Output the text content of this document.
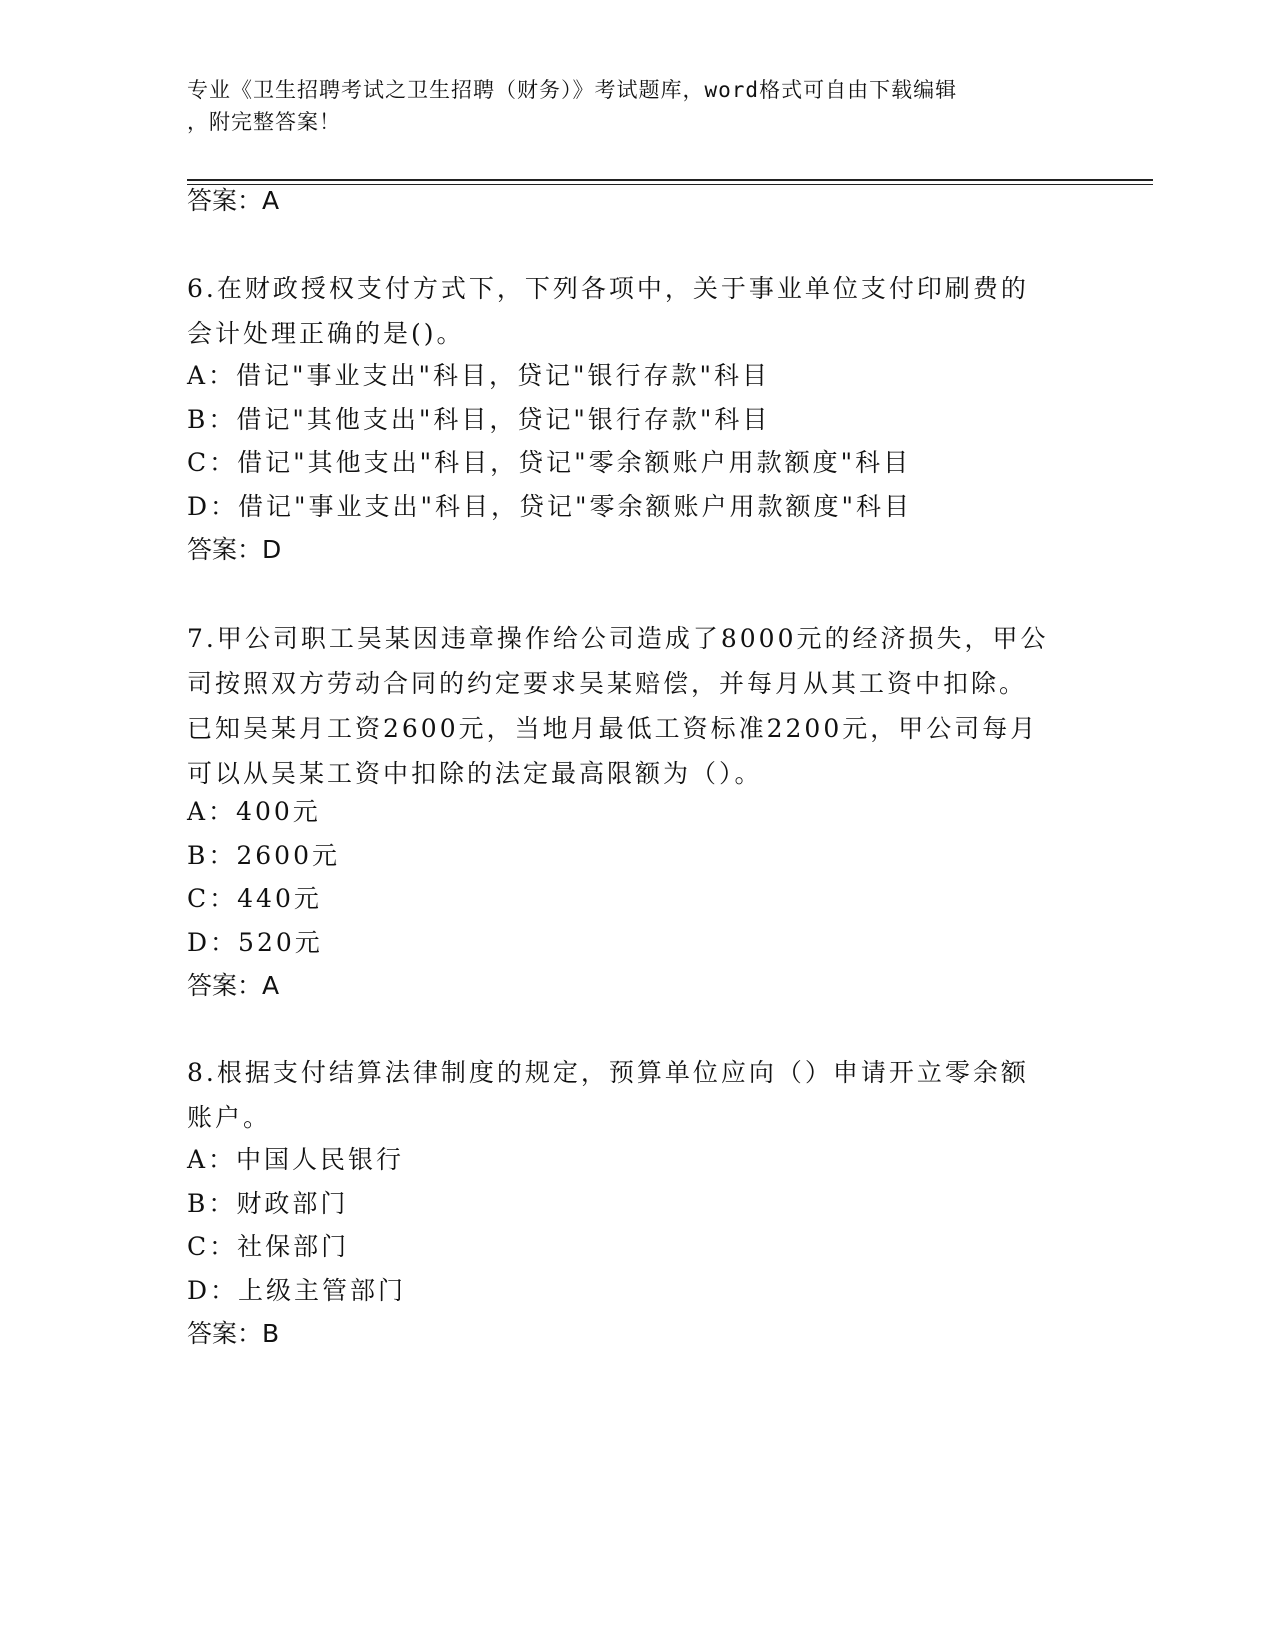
专业《卫生招聘考试之卫生招聘（财务）》考试题库，word格式可自由下载编辑
，附完整答案！
答案：A
6.在财政授权支付方式下，下列各项中，关于事业单位支付印刷费的
会计处理正确的是()。
A：借记"事业支出"科目，贷记"银行存款"科目
B：借记"其他支出"科目，贷记"银行存款"科目
C：借记"其他支出"科目，贷记"零余额账户用款额度"科目
D：借记"事业支出"科目，贷记"零余额账户用款额度"科目
答案：D
7.甲公司职工吴某因违章操作给公司造成了8000元的经济损失，甲公
司按照双方劳动合同的约定要求吴某赔偿，并每月从其工资中扣除。
已知吴某月工资2600元，当地月最低工资标准2200元，甲公司每月
可以从吴某工资中扣除的法定最高限额为（）。
A：400元
B：2600元
C：440元
D：520元
答案：A
8.根据支付结算法律制度的规定，预算单位应向（）申请开立零余额
账户。
A：中国人民银行
B：财政部门
C：社保部门
D：上级主管部门
答案：B
